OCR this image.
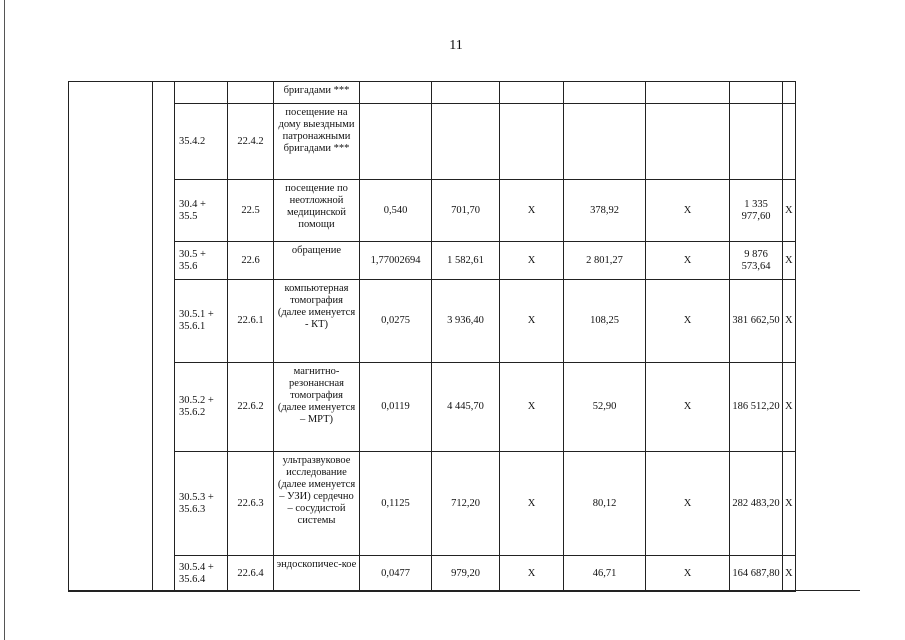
11
				бригадами ***							
		35.4.2	22.4.2	посещение на дому выездными патронажными бригадами ***							
		30.4 + 35.5	22.5	посещение по неотложной медицинской помощи	0,540	701,70	Х	378,92	Х	1 335 977,60	Х
		30.5 + 35.6	22.6	обращение	1,77002694	1 582,61	Х	2 801,27	Х	9 876 573,64	Х
		30.5.1 + 35.6.1	22.6.1	компьютерная томография (далее именуется - КТ)	0,0275	3 936,40	Х	108,25	Х	381 662,50	Х
		30.5.2 + 35.6.2	22.6.2	магнитно-резонансная томография (далее именуется – МРТ)	0,0119	4 445,70	Х	52,90	Х	186 512,20	Х
		30.5.3 + 35.6.3	22.6.3	ультразвуковое исследование (далее именуется – УЗИ) сердечно – сосудистой системы	0,1125	712,20	Х	80,12	Х	282 483,20	Х
		30.5.4 + 35.6.4	22.6.4	эндоскопичес-кое	0,0477	979,20	Х	46,71	Х	164 687,80	Х
